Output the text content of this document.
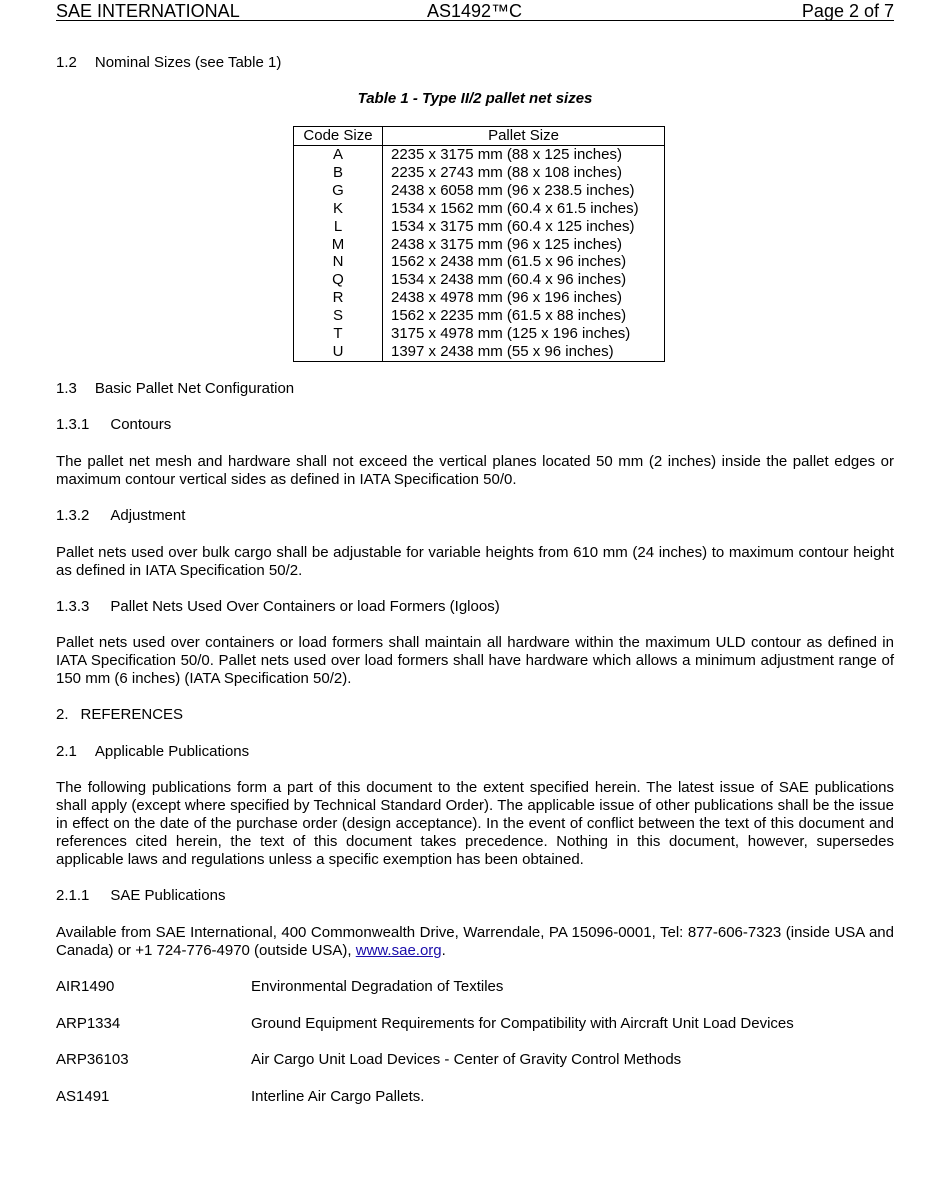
SAE INTERNATIONAL	AS1492™C	Page 2 of 7
1.2 Nominal Sizes (see Table 1)
Table 1 - Type II/2 pallet net sizes
Code Size	Pallet Size
A	2235 x 3175 mm (88 x 125 inches)
B	2235 x 2743 mm (88 x 108 inches)
G	2438 x 6058 mm (96 x 238.5 inches)
K	1534 x 1562 mm (60.4 x 61.5 inches)
L	1534 x 3175 mm (60.4 x 125 inches)
M	2438 x 3175 mm (96 x 125 inches)
N	1562 x 2438 mm (61.5 x 96 inches)
Q	1534 x 2438 mm (60.4 x 96 inches)
R	2438 x 4978 mm (96 x 196 inches)
S	1562 x 2235 mm (61.5 x 88 inches)
T	3175 x 4978 mm (125 x 196 inches)
U	1397 x 2438 mm (55 x 96 inches)
1.3 Basic Pallet Net Configuration
1.3.1 Contours
The pallet net mesh and hardware shall not exceed the vertical planes located 50 mm (2 inches) inside the pallet edges or maximum contour vertical sides as defined in IATA Specification 50/0.
1.3.2 Adjustment
Pallet nets used over bulk cargo shall be adjustable for variable heights from 610 mm (24 inches) to maximum contour height as defined in IATA Specification 50/2.
1.3.3 Pallet Nets Used Over Containers or load Formers (Igloos)
Pallet nets used over containers or load formers shall maintain all hardware within the maximum ULD contour as defined in IATA Specification 50/0. Pallet nets used over load formers shall have hardware which allows a minimum adjustment range of 150 mm (6 inches) (IATA Specification 50/2).
2. REFERENCES
2.1 Applicable Publications
The following publications form a part of this document to the extent specified herein. The latest issue of SAE publications shall apply (except where specified by Technical Standard Order). The applicable issue of other publications shall be the issue in effect on the date of the purchase order (design acceptance). In the event of conflict between the text of this document and references cited herein, the text of this document takes precedence. Nothing in this document, however, supersedes applicable laws and regulations unless a specific exemption has been obtained.
2.1.1 SAE Publications
Available from SAE International, 400 Commonwealth Drive, Warrendale, PA 15096-0001, Tel: 877-606-7323 (inside USA and Canada) or +1 724-776-4970 (outside USA), www.sae.org.
AIR1490	Environmental Degradation of Textiles
ARP1334	Ground Equipment Requirements for Compatibility with Aircraft Unit Load Devices
ARP36103	Air Cargo Unit Load Devices - Center of Gravity Control Methods
AS1491	Interline Air Cargo Pallets.
